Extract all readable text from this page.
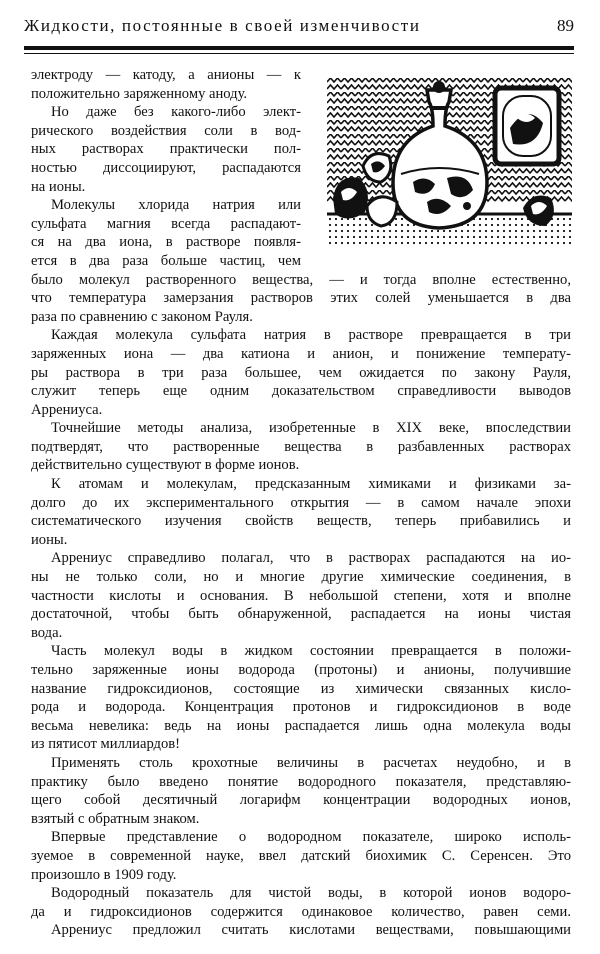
Жидкости, постоянные в своей изменчивости	89
электроду — катоду, а анионы — к
положительно заряженному аноду.
Но даже без какого-либо элект-
рического воздействия соли в вод-
ных растворах практически пол-
ностью диссоциируют, распадаются
на ионы.
Молекулы хлорида натрия или
сульфата магния всегда распадают-
ся на два иона, в растворе появля-
ется в два раза больше частиц, чем
было молекул растворенного вещества, — и тогда вполне естественно,
что температура замерзания растворов этих солей уменьшается в два
раза по сравнению с законом Рауля.
Каждая молекула сульфата натрия в растворе превращается в три
заряженных иона — два катиона и анион, и понижение температу-
ры раствора в три раза большее, чем ожидается по закону Рауля,
служит теперь еще одним доказательством справедливости выводов
Аррениуса.
Точнейшие методы анализа, изобретенные в XIX веке, впоследствии
подтвердят, что растворенные вещества в разбавленных растворах
действительно существуют в форме ионов.
К атомам и молекулам, предсказанным химиками и физиками за-
долго до их экспериментального открытия — в самом начале эпохи
систематического изучения свойств веществ, теперь прибавились и
ионы.
Аррениус справедливо полагал, что в растворах распадаются на ио-
ны не только соли, но и многие другие химические соединения, в
частности кислоты и основания. В небольшой степени, хотя и вполне
достаточной, чтобы быть обнаруженной, распадается на ионы чистая
вода.
Часть молекул воды в жидком состоянии превращается в положи-
тельно заряженные ионы водорода (протоны) и анионы, получившие
название гидроксидионов, состоящие из химически связанных кисло-
рода и водорода. Концентрация протонов и гидроксидионов в воде
весьма невелика: ведь на ионы распадается лишь одна молекула воды
из пятисот миллиардов!
Применять столь крохотные величины в расчетах неудобно, и в
практику было введено понятие водородного показателя, представляю-
щего собой десятичный логарифм концентрации водородных ионов,
взятый с обратным знаком.
Впервые представление о водородном показателе, широко исполь-
зуемое в современной науке, ввел датский биохимик С. Серенсен. Это
произошло в 1909 году.
Водородный показатель для чистой воды, в которой ионов водоро-
да и гидроксидионов содержится одинаковое количество, равен семи.
Аррениус предложил считать кислотами веществами, повышающими
